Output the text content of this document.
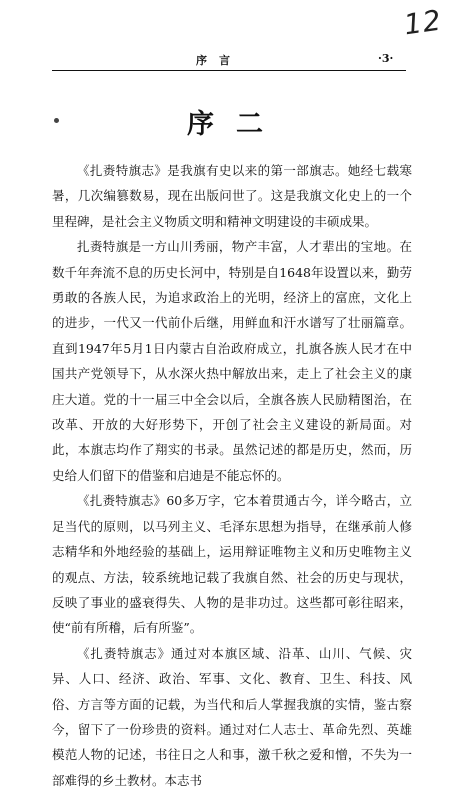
12
序言	·3·
序二

《扎赉特旗志》是我旗有史以来的第一部旗志。她经七载寒暑，几次编篡数易，现在出版问世了。这是我旗文化史上的一个里程碑，是社会主义物质文明和精神文明建设的丰硕成果。

扎赉特旗是一方山川秀丽，物产丰富，人才辈出的宝地。在数千年奔流不息的历史长河中，特别是自1648年设置以来，勤劳勇敢的各族人民，为追求政治上的光明，经济上的富庶，文化上的进步，一代又一代前仆后继，用鲜血和汗水谱写了壮丽篇章。直到1947年5月1日内蒙古自治政府成立，扎旗各族人民才在中国共产党领导下，从水深火热中解放出来，走上了社会主义的康庄大道。党的十一届三中全会以后，全旗各族人民励精图治，在改革、开放的大好形势下，开创了社会主义建设的新局面。对此，本旗志均作了翔实的书录。虽然记述的都是历史，然而，历史给人们留下的借鉴和启迪是不能忘怀的。

《扎赉特旗志》60多万字，它本着贯通古今，详今略古，立足当代的原则，以马列主义、毛泽东思想为指导，在继承前人修志精华和外地经验的基础上，运用辩证唯物主义和历史唯物主义的观点、方法，较系统地记载了我旗自然、社会的历史与现状，反映了事业的盛衰得失、人物的是非功过。这些都可彰往昭来，使“前有所稽，后有所鉴”。

《扎赉特旗志》通过对本旗区域、沿革、山川、气候、灾异、人口、经济、政治、军事、文化、教育、卫生、科技、风俗、方言等方面的记载，为当代和后人掌握我旗的实情，鉴古察今，留下了一份珍贵的资料。通过对仁人志士、革命先烈、英雄模范人物的记述，书往日之人和事，激千秋之爱和憎，不失为一部难得的乡土教材。本志书
